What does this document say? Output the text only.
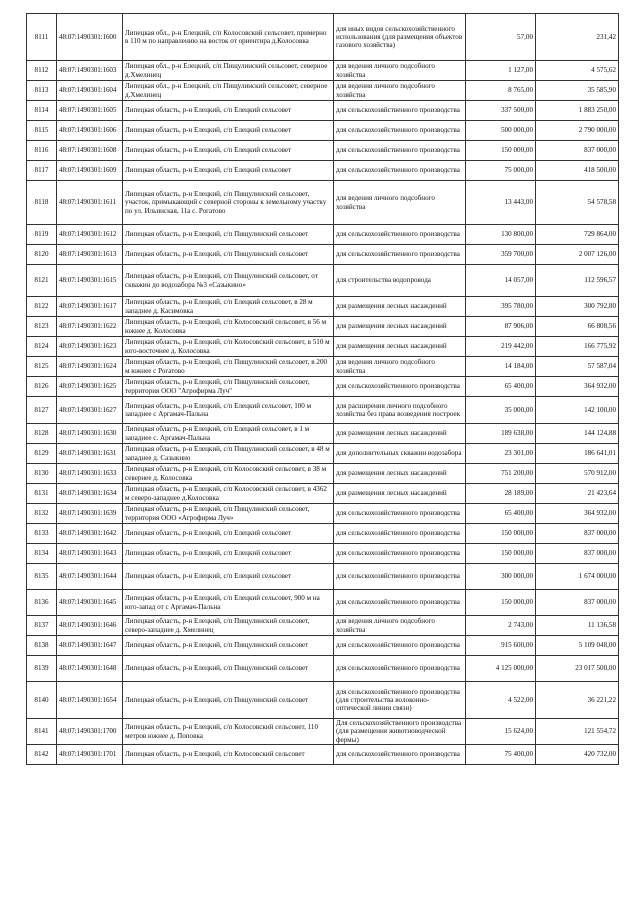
8111	48:07:1490301:1600	Липецкая обл., р-н Елецкий, с/п Колосовский сельсовет, примерно в 110 м по направлению на восток от ориентира д.Колосовка	для иных видов сельскохозяйственного использования (для размещения объектов газового хозяйства)	57,00	231,42
8112	48:07:1490301:1603	Липецкая обл., р-н Елецкий, с/п Пищулинский сельсовет, северное д.Хмелинец	для ведения личного подсобного хозяйства	1 127,00	4 575,62
8113	48:07:1490301:1604	Липецкая обл., р-н Елецкий, с/п Пищулинский сельсовет, северное д.Хмелинец	для ведения личного подсобного хозяйства	8 765,00	35 585,90
8114	48:07:1490301:1605	Липецкая область, р-н Елецкий, с/п Елецкий сельсовет	для сельскохозяйственного производства	337 500,00	1 883 250,00
8115	48:07:1490301:1606	Липецкая область, р-н Елецкий, с/п Елецкий сельсовет	для сельскохозяйственного производства	500 000,00	2 790 000,00
8116	48:07:1490301:1608	Липецкая область, р-н Елецкий, с/п Елецкий сельсовет	для сельскохозяйственного производства	150 000,00	837 000,00
8117	48:07:1490301:1609	Липецкая область, р-н Елецкий, с/п Елецкий сельсовет	для сельскохозяйственного производства	75 000,00	418 500,00
8118	48:07:1490301:1611	Липецкая область, р-н Елецкий, с/п Пищулинский сельсовет, участок, примыкающий с северной стороны к земельному участку по ул. Ильинская, 11а с. Рогатово	для ведения личного подсобного хозяйства	13 443,00	54 578,58
8119	48:07:1490301:1612	Липецкая область, р-н Елецкий, с/п Пищулинский сельсовет	для сельскохозяйственного производства	130 800,00	729 864,00
8120	48:07:1490301:1613	Липецкая область, р-н Елецкий, с/п Пищулинский сельсовет	для сельскохозяйственного производства	359 700,00	2 007 126,00
8121	48:07:1490301:1615	Липецкая область, р-н Елецкий, с/п Пищулинский сельсовет, от скважин до водозабора №3 «Сазыкино»	для строительства водопровода	14 057,00	112 596,57
8122	48:07:1490301:1617	Липецкая область, р-н Елецкий, с/п Елецкий сельсовет, в 28 м западнее д. Касимовка	для размещения лесных насаждений	395 780,00	300 792,80
8123	48:07:1490301:1622	Липецкая область, р-н Елецкий, с/п Колосовский сельсовет, в 56 м южнее д. Колосовка	для размещения лесных насаждений	87 906,00	66 808,56
8124	48:07:1490301:1623	Липецкая область, р-н Елецкий, с/п Колосовский сельсовет, в 510 м юго-восточнее д. Колосовка	для размещения лесных насаждений	219 442,00	166 775,92
8125	48:07:1490301:1624	Липецкая область, р-н Елецкий, с/п Пищулинский сельсовет, в 200 м южнее с Рогатово	для ведения личного подсобного хозяйства	14 184,00	57 587,04
8126	48:07:1490301:1625	Липецкая область, р-н Елецкий, с/п Пищулинский сельсовет, территория ООО "Агрофирма Луч"	для сельскохозяйственного производства	65 400,00	364 932,00
8127	48:07:1490301:1627	Липецкая область, р-н Елецкий, с/п Елецкий сельсовет, 100 м западнее с Аргамач-Пальна	для расширения личного подсобного хозяйства без права возведения построек	35 000,00	142 100,00
8128	48:07:1490301:1630	Липецкая область, р-н Елецкий, с/п Елецкий сельсовет, в 1 м западнее с. Аргамач-Пальна	для размещения лесных насаждений	189 638,00	144 124,88
8129	48:07:1490301:1631	Липецкая область, р-н Елецкий, с/п Пищулинский сельсовет, в 48 м западнее д. Сазыкино	для дополнительных скважин водозабора	23 301,00	186 641,01
8130	48:07:1490301:1633	Липецкая область, р-н Елецкий, с/п Колосовский сельсовет, в 38 м севернее д. Колосовка	для размещения лесных насаждений	751 200,00	570 912,00
8131	48:07:1490301:1634	Липецкая область, р-н Елецкий, с/п Колосовский сельсовет, в 4362 м северо-западнее д.Колосовка	для размещения лесных насаждений	28 189,00	21 423,64
8132	48:07:1490301:1639	Липецкая область, р-н Елецкий, с/п Пищулинский сельсовет, территория ООО «Агрофирма Луч»	для сельскохозяйственного производства	65 400,00	364 932,00
8133	48:07:1490301:1642	Липецкая область, р-н Елецкий, с/п Елецкий сельсовет	для сельскохозяйственного производства	150 000,00	837 000,00
8134	48:07:1490301:1643	Липецкая область, р-н Елецкий, с/п Елецкий сельсовет	для сельскохозяйственного производства	150 000,00	837 000,00
8135	48:07:1490301:1644	Липецкая область, р-н Елецкий, с/п Елецкий сельсовет	для сельскохозяйственного производства	300 000,00	1 674 000,00
8136	48:07:1490301:1645	Липецкая область, р-н Елецкий, с/п Елецкий сельсовет, 900 м на юго-запад от с Аргамач-Пальна	для сельскохозяйственного производства	150 000,00	837 000,00
8137	48:07:1490301:1646	Липецкая область, р-н Елецкий, с/п Пищулинский сельсовет, северо-западнее д. Хмелинец	для ведения личного подсобного хозяйства	2 743,00	11 136,58
8138	48:07:1490301:1647	Липецкая область, р-н Елецкий, с/п Пищулинский сельсовет	для сельскохозяйственного производства	915 600,00	5 109 048,00
8139	48:07:1490301:1648	Липецкая область, р-н Елецкий, с/п Пищулинский сельсовет	для сельскохозяйственного производства	4 125 000,00	23 017 500,00
8140	48:07:1490301:1654	Липецкая область, р-н Елецкий, с/п Пищулинский сельсовет	для сельскохозяйственного производства (для строительства волоконно-оптической линии связи)	4 522,00	36 221,22
8141	48:07:1490301:1700	Липецкая область, р-н Елецкий, с/п Колосовский сельсовет, 110 метров южнее д. Поповка	Для сельскохозяйственного производства (для размещения животноводческой фермы)	15 624,00	121 554,72
8142	48:07:1490301:1701	Липецкая область, р-н Елецкий, с/п Колосовский сельсовет	для сельскохозяйственного производства	75 400,00	420 732,00
